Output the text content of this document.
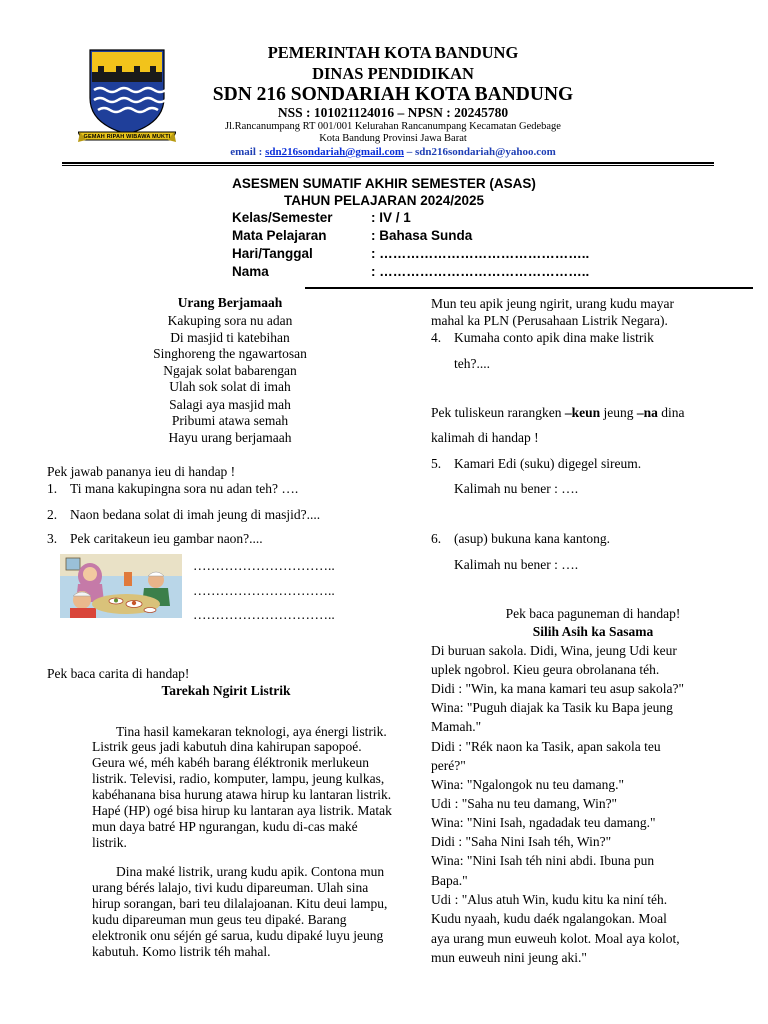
GEMAH RIPAH WIBAWA MUKTI
PEMERINTAH KOTA BANDUNG
DINAS PENDIDIKAN
SDN 216 SONDARIAH KOTA BANDUNG
NSS : 101021124016 – NPSN : 20245780
Jl.Rancanumpang RT 001/001 Kelurahan Rancanumpang Kecamatan Gedebage
Kota Bandung Provinsi Jawa Barat
email : sdn216sondariah@gmail.com – sdn216sondariah@yahoo.com
ASESMEN SUMATIF AKHIR SEMESTER (ASAS)
TAHUN PELAJARAN 2024/2025
Kelas/Semester	: IV / 1
Mata Pelajaran	: Bahasa Sunda
Hari/Tanggal	: ………………………………………..
Nama	: ………………………………………..
Urang Berjamaah
Kakuping sora nu adan
Di masjid ti katebihan
Singhoreng the ngawartosan
Ngajak solat babarengan
Ulah sok solat di imah
Salagi aya masjid mah
Pribumi atawa semah
Hayu urang berjamaah
Pek jawab pananya ieu di handap !
1. Ti mana kakupingna sora nu adan teh? ….
2. Naon bedana solat di imah jeung di masjid?....
3. Pek caritakeun ieu gambar naon?....
…………………………..
…………………………..
…………………………..
Pek baca carita di handap!
Tarekah Ngirit Listrik

Tina hasil kamekaran teknologi, aya énergi listrik. Listrik geus jadi kabutuh dina kahirupan sapopoé. Geura wé, méh kabéh barang éléktronik merlukeun listrik. Televisi, radio, komputer, lampu, jeung kulkas, kabéhanana bisa hurung atawa hirup ku lantaran listrik. Hapé (HP) ogé bisa hirup ku lantaran aya listrik. Matak mun daya batré HP ngurangan, kudu di-cas maké listrik.

Dina maké listrik, urang kudu apik. Contona mun urang bérés lalajo, tivi kudu dipareuman. Ulah sina hirup sorangan, bari teu dilalajoanan. Kitu deui lampu, kudu dipareuman mun geus teu dipaké. Barang elektronik onu séjén gé sarua, kudu dipaké luyu jeung kabutuh. Komo listrik téh mahal.

Mun teu apik jeung ngirit, urang kudu mayar
mahal ka PLN (Perusahaan Listrik Negara).
4. Kumaha conto apik dina make listrik
teh?....
Pek tuliskeun rarangken –keun jeung –na dina
kalimah di handap !
5. Kamari Edi (suku) digegel sireum.
Kalimah nu bener : ….
6. (asup) bukuna kana kantong.
Kalimah nu bener : ….
Pek baca paguneman di handap!
Silih Asih ka Sasama
Di buruan sakola. Didi, Wina, jeung Udi keur
uplek ngobrol. Kieu geura obrolanana téh.
Didi : "Win, ka mana kamari teu asup sakola?"
Wina: "Puguh diajak ka Tasik ku Bapa jeung
Mamah."
Didi : "Rék naon ka Tasik, apan sakola teu
peré?"
Wina: "Ngalongok nu teu damang."
Udi : "Saha nu teu damang, Win?"
Wina: "Nini Isah, ngadadak teu damang."
Didi : "Saha Nini Isah téh, Win?"
Wina: "Nini Isah téh nini abdi. Ibuna pun
Bapa."
Udi : "Alus atuh Win, kudu kitu ka niní téh.
Kudu nyaah, kudu daék ngalangokan. Moal
aya urang mun euweuh kolot. Moal aya kolot,
mun euweuh nini jeung aki."
